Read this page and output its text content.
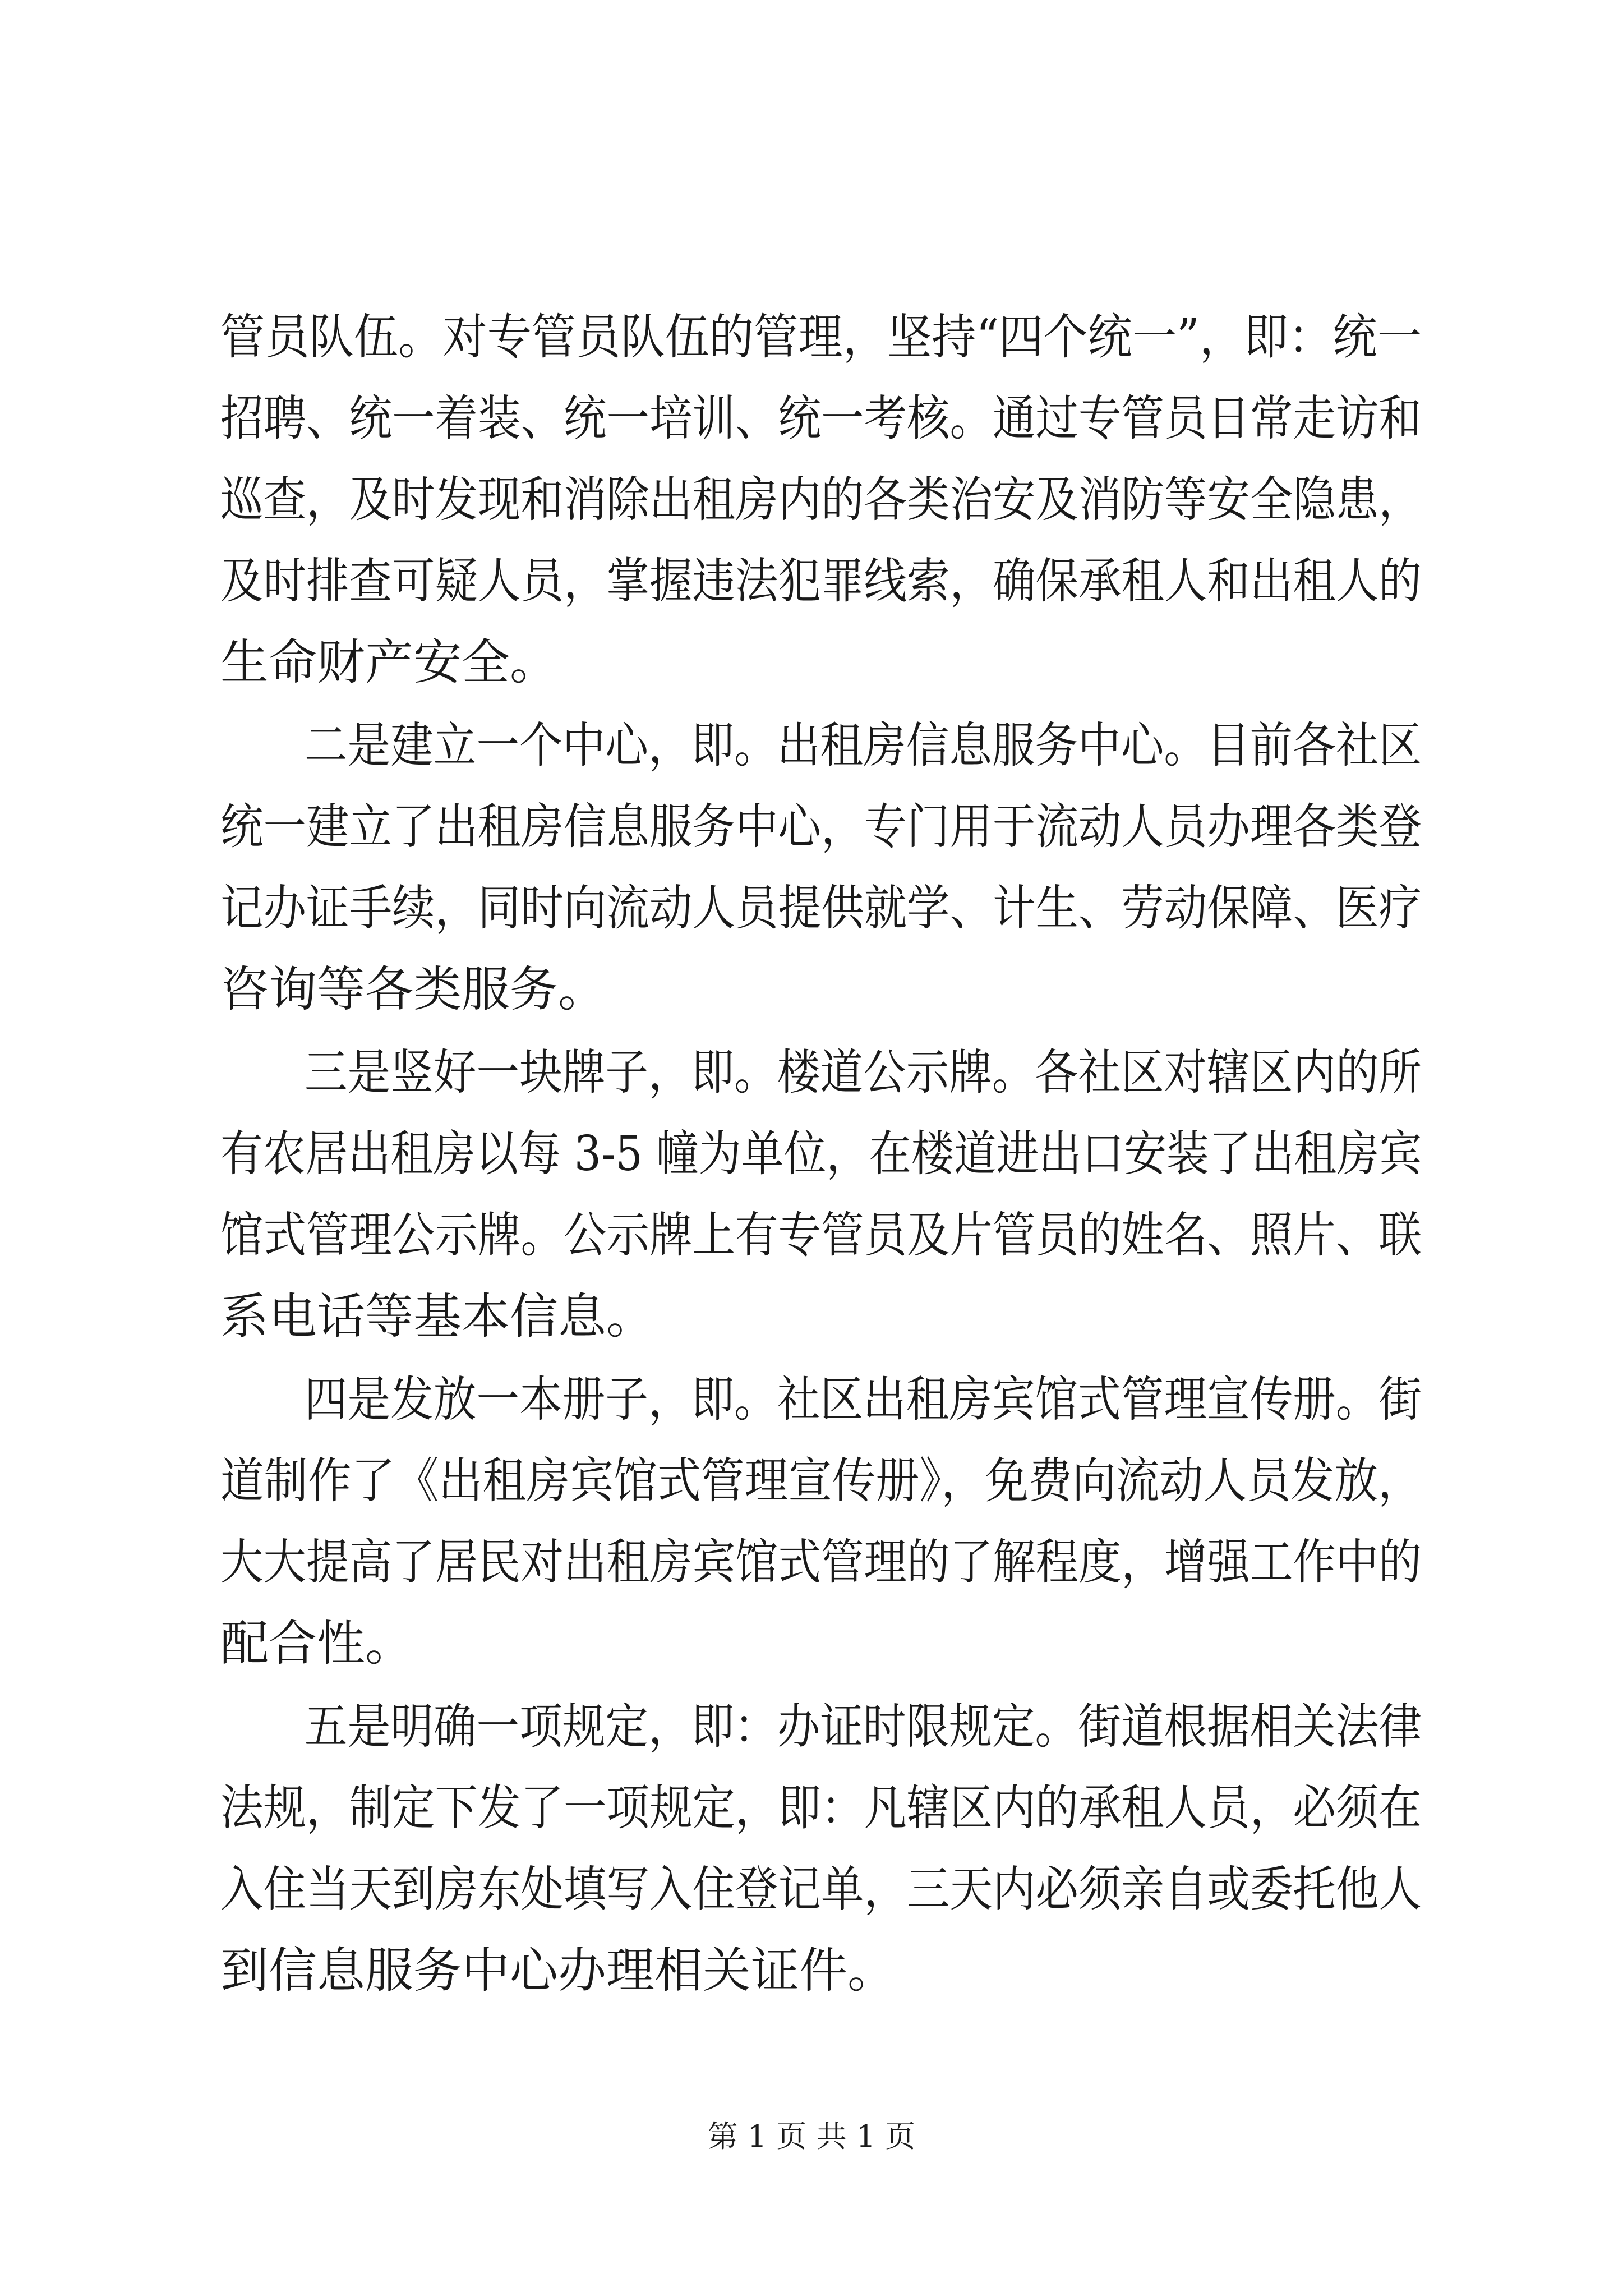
管员队伍。对专管员队伍的管理，坚持“四个统一”，即：统一
招聘、统一着装、统一培训、统一考核。通过专管员日常走访和
巡查，及时发现和消除出租房内的各类治安及消防等安全隐患，
及时排查可疑人员，掌握违法犯罪线索，确保承租人和出租人的
生命财产安全。
二是建立一个中心，即。出租房信息服务中心。目前各社区
统一建立了出租房信息服务中心，专门用于流动人员办理各类登
记办证手续，同时向流动人员提供就学、计生、劳动保障、医疗
咨询等各类服务。
三是竖好一块牌子，即。楼道公示牌。各社区对辖区内的所
有农居出租房以每 3-5 幢为单位，在楼道进出口安装了出租房宾
馆式管理公示牌。公示牌上有专管员及片管员的姓名、照片、联
系电话等基本信息。
四是发放一本册子，即。社区出租房宾馆式管理宣传册。街
道制作了《出租房宾馆式管理宣传册》，免费向流动人员发放，
大大提高了居民对出租房宾馆式管理的了解程度，增强工作中的
配合性。
五是明确一项规定，即：办证时限规定。街道根据相关法律
法规，制定下发了一项规定，即：凡辖区内的承租人员，必须在
入住当天到房东处填写入住登记单，三天内必须亲自或委托他人
到信息服务中心办理相关证件。
第 1 页 共 1 页
